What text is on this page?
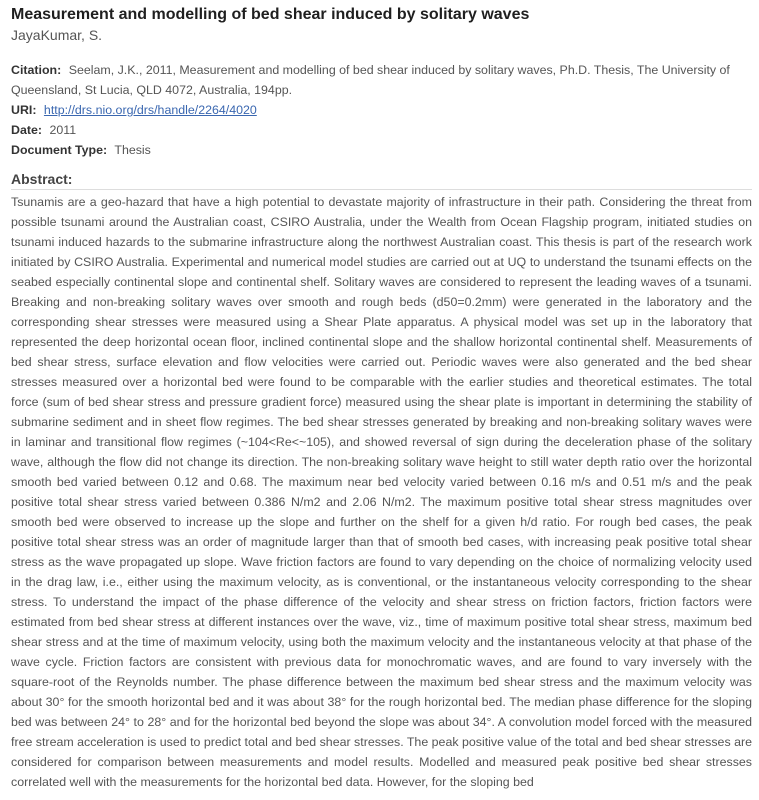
Measurement and modelling of bed shear induced by solitary waves
JayaKumar, S.
Citation: Seelam, J.K., 2011, Measurement and modelling of bed shear induced by solitary waves, Ph.D. Thesis, The University of Queensland, St Lucia, QLD 4072, Australia, 194pp.
URI: http://drs.nio.org/drs/handle/2264/4020
Date: 2011
Document Type: Thesis
Abstract:
Tsunamis are a geo-hazard that have a high potential to devastate majority of infrastructure in their path. Considering the threat from possible tsunami around the Australian coast, CSIRO Australia, under the Wealth from Ocean Flagship program, initiated studies on tsunami induced hazards to the submarine infrastructure along the northwest Australian coast. This thesis is part of the research work initiated by CSIRO Australia. Experimental and numerical model studies are carried out at UQ to understand the tsunami effects on the seabed especially continental slope and continental shelf. Solitary waves are considered to represent the leading waves of a tsunami. Breaking and non-breaking solitary waves over smooth and rough beds (d50=0.2mm) were generated in the laboratory and the corresponding shear stresses were measured using a Shear Plate apparatus. A physical model was set up in the laboratory that represented the deep horizontal ocean floor, inclined continental slope and the shallow horizontal continental shelf. Measurements of bed shear stress, surface elevation and flow velocities were carried out. Periodic waves were also generated and the bed shear stresses measured over a horizontal bed were found to be comparable with the earlier studies and theoretical estimates. The total force (sum of bed shear stress and pressure gradient force) measured using the shear plate is important in determining the stability of submarine sediment and in sheet flow regimes. The bed shear stresses generated by breaking and non-breaking solitary waves were in laminar and transitional flow regimes (~104<Re<~105), and showed reversal of sign during the deceleration phase of the solitary wave, although the flow did not change its direction. The non-breaking solitary wave height to still water depth ratio over the horizontal smooth bed varied between 0.12 and 0.68. The maximum near bed velocity varied between 0.16 m/s and 0.51 m/s and the peak positive total shear stress varied between 0.386 N/m2 and 2.06 N/m2. The maximum positive total shear stress magnitudes over smooth bed were observed to increase up the slope and further on the shelf for a given h/d ratio. For rough bed cases, the peak positive total shear stress was an order of magnitude larger than that of smooth bed cases, with increasing peak positive total shear stress as the wave propagated up slope. Wave friction factors are found to vary depending on the choice of normalizing velocity used in the drag law, i.e., either using the maximum velocity, as is conventional, or the instantaneous velocity corresponding to the shear stress. To understand the impact of the phase difference of the velocity and shear stress on friction factors, friction factors were estimated from bed shear stress at different instances over the wave, viz., time of maximum positive total shear stress, maximum bed shear stress and at the time of maximum velocity, using both the maximum velocity and the instantaneous velocity at that phase of the wave cycle. Friction factors are consistent with previous data for monochromatic waves, and are found to vary inversely with the square-root of the Reynolds number. The phase difference between the maximum bed shear stress and the maximum velocity was about 30° for the smooth horizontal bed and it was about 38° for the rough horizontal bed. The median phase difference for the sloping bed was between 24° to 28° and for the horizontal bed beyond the slope was about 34°. A convolution model forced with the measured free stream acceleration is used to predict total and bed shear stresses. The peak positive value of the total and bed shear stresses are considered for comparison between measurements and model results. Modelled and measured peak positive bed shear stresses correlated well with the measurements for the horizontal bed data. However, for the sloping bed
